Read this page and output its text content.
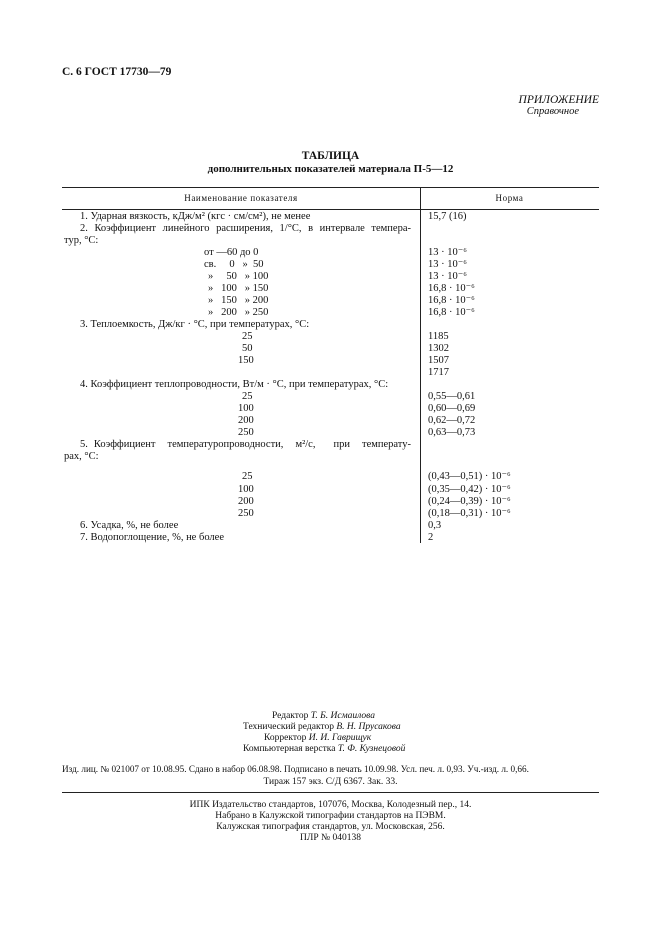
С. 6 ГОСТ 17730—79
ПРИЛОЖЕНИЕ
Справочное
ТАБЛИЦА
дополнительных показателей материала П-5—12
Наименование показателя	Норма
1. Ударная вязкость, кДж/м² (кгс · см/см²), не менее
2. Коэффициент линейного расширения, 1/°С, в интервале темпера-
тур, °С:
от —60 до 0
св.     0   »  50
»     50   » 100
»   100   » 150
»   150   » 200
»   200   » 250
3. Теплоемкость, Дж/кг · °С, при температурах, °С:
25
50
150
4. Коэффициент теплопроводности, Вт/м · °С, при температурах, °С:
25
100
200
250
5. Коэффициент  температуропроводности,  м²/с,   при  температу-
рах, °С:
25
100
200
250
6. Усадка, %, не более
7. Водопоглощение, %, не более
15,7 (16)
13 · 10⁻⁶
13 · 10⁻⁶
13 · 10⁻⁶
16,8 · 10⁻⁶
16,8 · 10⁻⁶
16,8 · 10⁻⁶
1185
1302
1507
1717
0,55—0,61
0,60—0,69
0,62—0,72
0,63—0,73
(0,43—0,51) · 10⁻⁶
(0,35—0,42) · 10⁻⁶
(0,24—0,39) · 10⁻⁶
(0,18—0,31) · 10⁻⁶
0,3
2
Редактор Т. Б. Исмаилова
Технический редактор В. Н. Прусакова
Корректор И. И. Гаврищук
Компьютерная верстка Т. Ф. Кузнецовой
Изд. лиц. № 021007 от 10.08.95. Сдано в набор 06.08.98. Подписано в печать 10.09.98. Усл. печ. л. 0,93. Уч.-изд. л. 0,66.
Тираж 157 экз. С/Д 6367. Зак. 33.
ИПК Издательство стандартов, 107076, Москва, Колодезный пер., 14.
Набрано в Калужской типографии стандартов на ПЭВМ.
Калужская типография стандартов, ул. Московская, 256.
ПЛР № 040138
